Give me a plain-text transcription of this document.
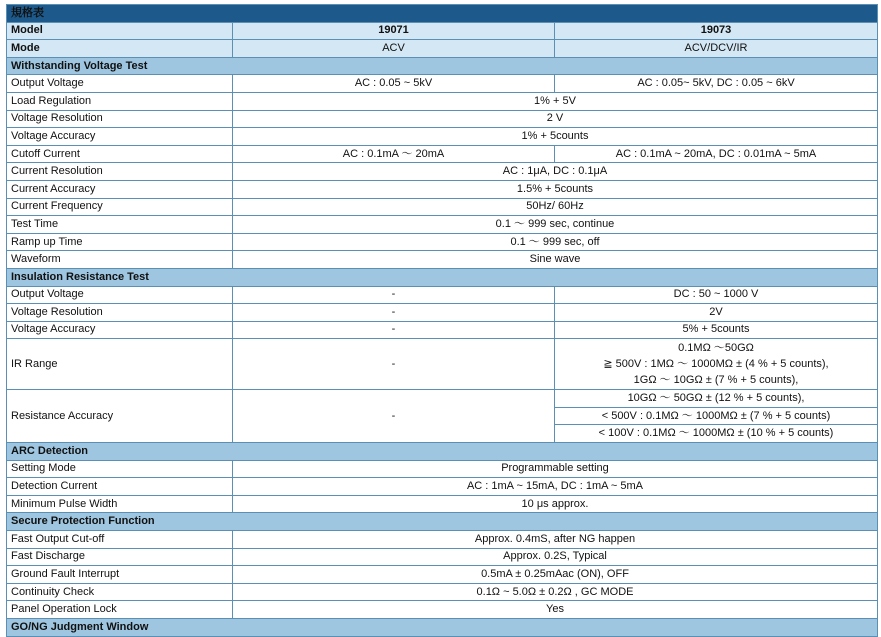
規格表		
Model	19071	19073
Mode	ACV	ACV/DCV/IR
Withstanding Voltage Test		
Output Voltage	AC : 0.05 ~ 5kV	AC : 0.05~ 5kV, DC : 0.05 ~ 6kV
Load Regulation	1% + 5V	
Voltage Resolution	2 V	
Voltage Accuracy	1% + 5counts	
Cutoff Current	AC : 0.1mA ～ 20mA	AC : 0.1mA ~ 20mA, DC : 0.01mA ~ 5mA
Current Resolution	AC : 1μA, DC : 0.1μA	
Current Accuracy	1.5% + 5counts	
Current Frequency	50Hz/ 60Hz	
Test Time	0.1 ～ 999 sec, continue	
Ramp up Time	0.1 ～ 999 sec, off	
Waveform	Sine wave	
Insulation Resistance Test		
Output Voltage	-	DC : 50 ~ 1000 V
Voltage Resolution	-	2V
Voltage Accuracy	-	5% + 5counts
IR Range	-	0.1MΩ ～50GΩ
≧ 500V : 1MΩ ～ 1000MΩ ± (4 % + 5 counts),
1GΩ ～ 10GΩ ± (7 % + 5 counts),

Resistance Accuracy	-	10GΩ ～ 50GΩ ± (12 % + 5 counts),
		< 500V : 0.1MΩ ～ 1000MΩ ± (7 % + 5 counts)
		< 100V : 0.1MΩ ～ 1000MΩ ± (10 % + 5 counts)
ARC Detection		
Setting Mode	Programmable setting	
Detection Current	AC : 1mA ~ 15mA, DC : 1mA ~ 5mA	
Minimum Pulse Width	10 μs approx.	
Secure Protection Function		
Fast Output Cut-off	Approx. 0.4mS, after NG happen	
Fast Discharge	Approx. 0.2S, Typical	
Ground Fault Interrupt	0.5mA ± 0.25mAac (ON), OFF	
Continuity Check	0.1Ω ~ 5.0Ω ± 0.2Ω , GC MODE	
Panel Operation Lock	Yes	
GO/NG Judgment Window		
